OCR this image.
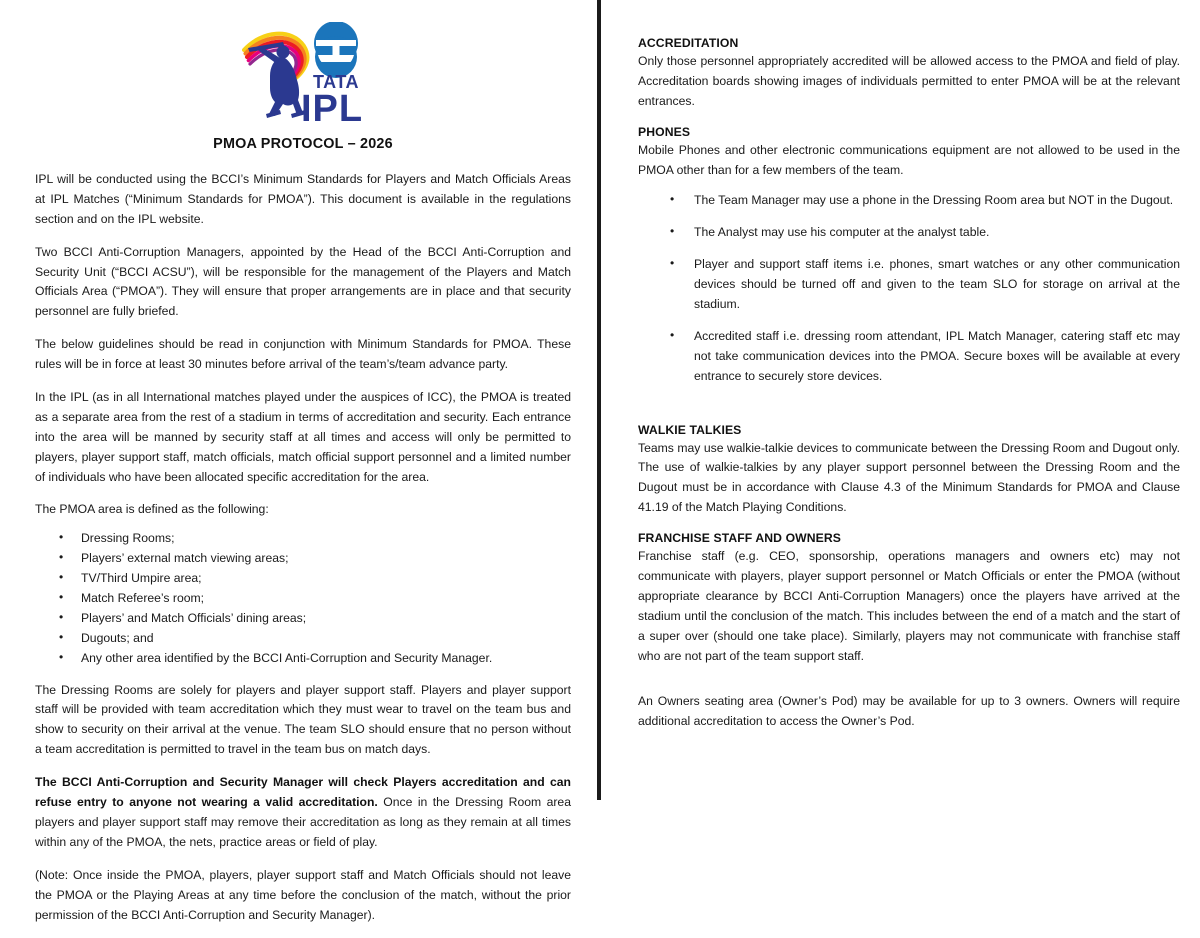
TATA
IPL
PMOA PROTOCOL – 2026

IPL will be conducted using the BCCI’s Minimum Standards for Players and Match Officials Areas at IPL Matches (“Minimum Standards for PMOA”). This document is available in the regulations section and on the IPL website.

Two BCCI Anti-Corruption Managers, appointed by the Head of the BCCI Anti-Corruption and Security Unit (“BCCI ACSU”), will be responsible for the management of the Players and Match Officials Area (“PMOA”). They will ensure that proper arrangements are in place and that security personnel are fully briefed.

The below guidelines should be read in conjunction with Minimum Standards for PMOA. These rules will be in force at least 30 minutes before arrival of the team’s/team advance party.

In the IPL (as in all International matches played under the auspices of ICC), the PMOA is treated as a separate area from the rest of a stadium in terms of accreditation and security. Each entrance into the area will be manned by security staff at all times and access will only be permitted to players, player support staff, match officials, match official support personnel and a limited number of individuals who have been allocated specific accreditation for the area.

The PMOA area is defined as the following:

• Dressing Rooms;
• Players’ external match viewing areas;
• TV/Third Umpire area;
• Match Referee’s room;
• Players’ and Match Officials’ dining areas;
• Dugouts; and
• Any other area identified by the BCCI Anti-Corruption and Security Manager.

The Dressing Rooms are solely for players and player support staff. Players and player support staff will be provided with team accreditation which they must wear to travel on the team bus and show to security on their arrival at the venue. The team SLO should ensure that no person without a team accreditation is permitted to travel in the team bus on match days.

The BCCI Anti-Corruption and Security Manager will check Players accreditation and can refuse entry to anyone not wearing a valid accreditation. Once in the Dressing Room area players and player support staff may remove their accreditation as long as they remain at all times within any of the PMOA, the nets, practice areas or field of play.

(Note: Once inside the PMOA, players, player support staff and Match Officials should not leave the PMOA or the Playing Areas at any time before the conclusion of the match, without the prior permission of the BCCI Anti-Corruption and Security Manager).

ACCREDITATION

Only those personnel appropriately accredited will be allowed access to the PMOA and field of play. Accreditation boards showing images of individuals permitted to enter PMOA will be at the relevant entrances.

PHONES

Mobile Phones and other electronic communications equipment are not allowed to be used in the PMOA other than for a few members of the team.

• The Team Manager may use a phone in the Dressing Room area but NOT in the Dugout.
• The Analyst may use his computer at the analyst table.
• Player and support staff items i.e. phones, smart watches or any other communication devices should be turned off and given to the team SLO for storage on arrival at the stadium.
• Accredited staff i.e. dressing room attendant, IPL Match Manager, catering staff etc may not take communication devices into the PMOA. Secure boxes will be available at every entrance to securely store devices.
WALKIE TALKIES

Teams may use walkie-talkie devices to communicate between the Dressing Room and Dugout only. The use of walkie-talkies by any player support personnel between the Dressing Room and the Dugout must be in accordance with Clause 4.3 of the Minimum Standards for PMOA and Clause 41.19 of the Match Playing Conditions.

FRANCHISE STAFF AND OWNERS

Franchise staff (e.g. CEO, sponsorship, operations managers and owners etc) may not communicate with players, player support personnel or Match Officials or enter the PMOA (without appropriate clearance by BCCI Anti-Corruption Managers) once the players have arrived at the stadium until the conclusion of the match. This includes between the end of a match and the start of a super over (should one take place). Similarly, players may not communicate with franchise staff who are not part of the team support staff.

An Owners seating area (Owner’s Pod) may be available for up to 3 owners. Owners will require additional accreditation to access the Owner’s Pod.
